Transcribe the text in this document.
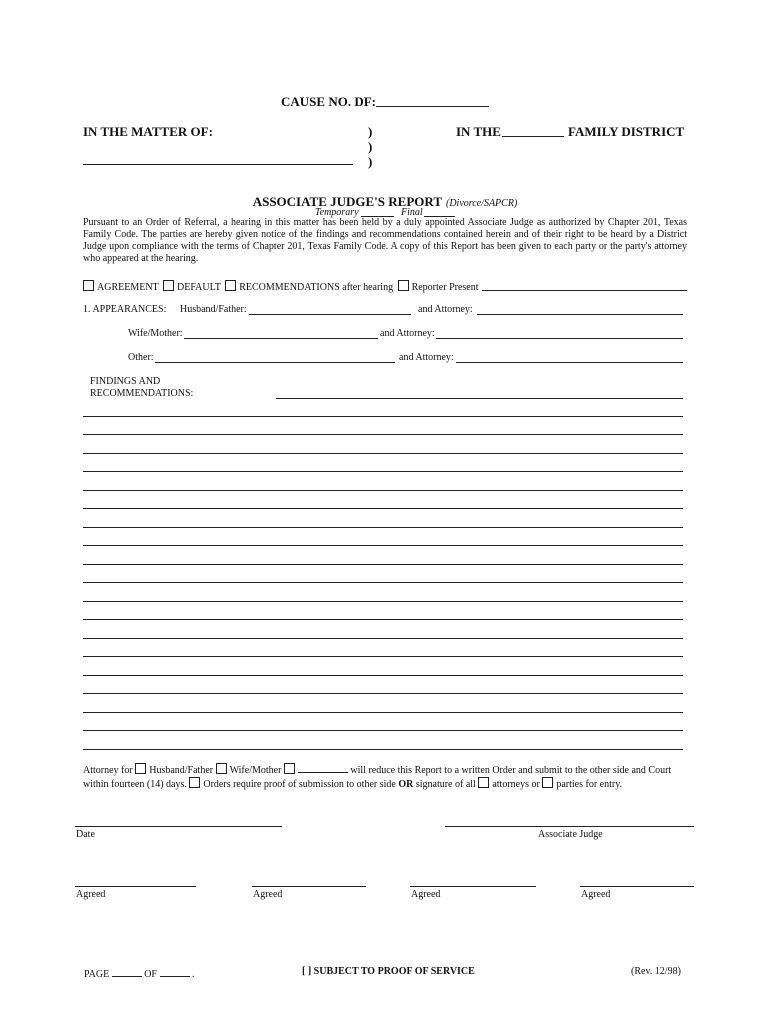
CAUSE NO. DF:
IN THE MATTER OF:	)
)
)
IN THE	FAMILY DISTRICT
ASSOCIATE JUDGE'S REPORT (Divorce/SAPCR)
Temporary	Final
Pursuant to an Order of Referral, a hearing in this matter has been held by a duly appointed Associate Judge as authorized by Chapter 201, Texas Family Code. The parties are hereby given notice of the findings and recommendations contained herein and of their right to be heard by a District Judge upon compliance with the terms of Chapter 201, Texas Family Code. A copy of this Report has been given to each party or the party's attorney who appeared at the hearing.
AGREEMENT DEFAULT RECOMMENDATIONS after hearing Reporter Present
1. APPEARANCES: Husband/Father:	and Attorney:
Wife/Mother:	and Attorney:
Other:	and Attorney:
FINDINGS AND
RECOMMENDATIONS:
Attorney for Husband/Father Wife/Mother	will reduce this Report to a written Order and submit to the other side and Court
within fourteen (14) days. Orders require proof of submission to other side OR signature of all attorneys or parties for entry.
Date	Associate Judge
Agreed	Agreed	Agreed	Agreed
PAGE	OF	.	[ ] SUBJECT TO PROOF OF SERVICE	(Rev. 12/98)
